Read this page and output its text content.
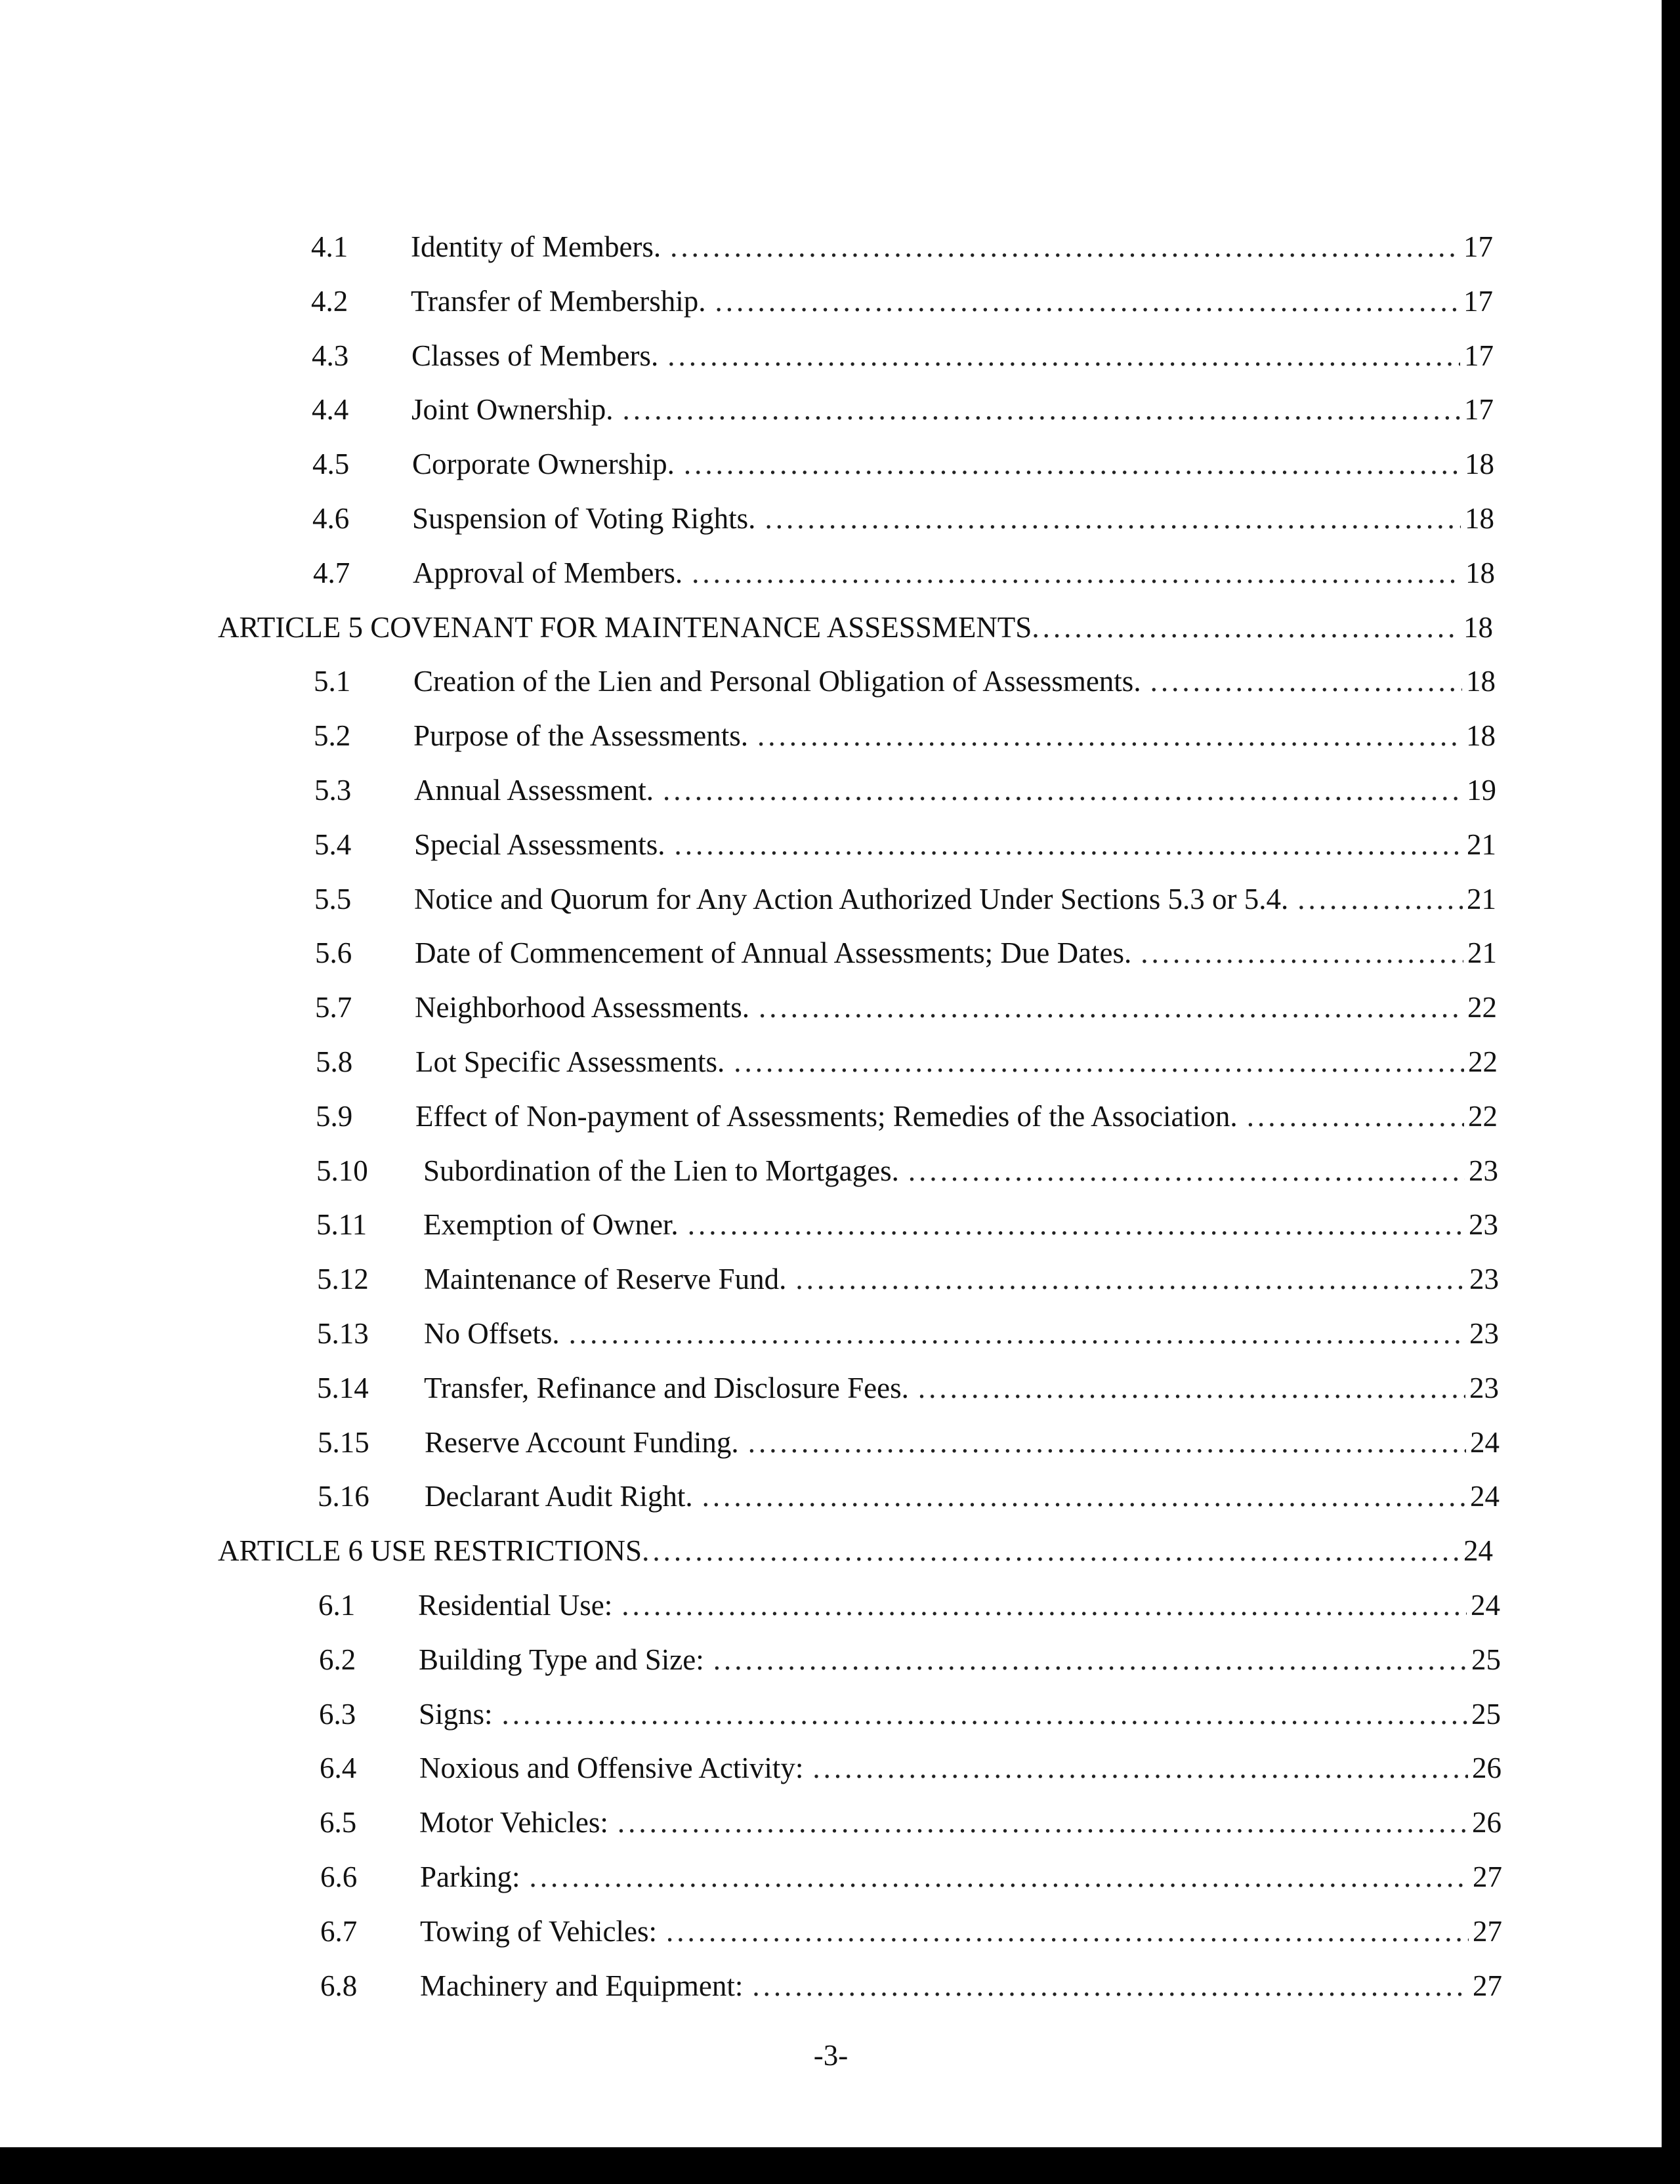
4.1 Identity of Members. .....	17
4.2 Transfer of Membership. .....	17
4.3 Classes of Members. .....	17
4.4 Joint Ownership. .....	17
4.5 Corporate Ownership. .....	18
4.6 Suspension of Voting Rights. .....	18
4.7 Approval of Members. .....	18
ARTICLE 5 COVENANT FOR MAINTENANCE ASSESSMENTS .....	18
5.1 Creation of the Lien and Personal Obligation of Assessments. .....	18
5.2 Purpose of the Assessments. .....	18
5.3 Annual Assessment. .....	19
5.4 Special Assessments. .....	21
5.5 Notice and Quorum for Any Action Authorized Under Sections 5.3 or 5.4. .....	21
5.6 Date of Commencement of Annual Assessments; Due Dates. .....	21
5.7 Neighborhood Assessments. .....	22
5.8 Lot Specific Assessments. .....	22
5.9 Effect of Non-payment of Assessments; Remedies of the Association. .....	22
5.10 Subordination of the Lien to Mortgages. .....	23
5.11 Exemption of Owner. .....	23
5.12 Maintenance of Reserve Fund. .....	23
5.13 No Offsets. .....	23
5.14 Transfer, Refinance and Disclosure Fees. .....	23
5.15 Reserve Account Funding. .....	24
5.16 Declarant Audit Right. .....	24
ARTICLE 6 USE RESTRICTIONS .....	24
6.1 Residential Use: .....	24
6.2 Building Type and Size: .....	25
6.3 Signs: .....	25
6.4 Noxious and Offensive Activity: .....	26
6.5 Motor Vehicles: .....	26
6.6 Parking: .....	27
6.7 Towing of Vehicles: .....	27
6.8 Machinery and Equipment: .....	27
-3-
